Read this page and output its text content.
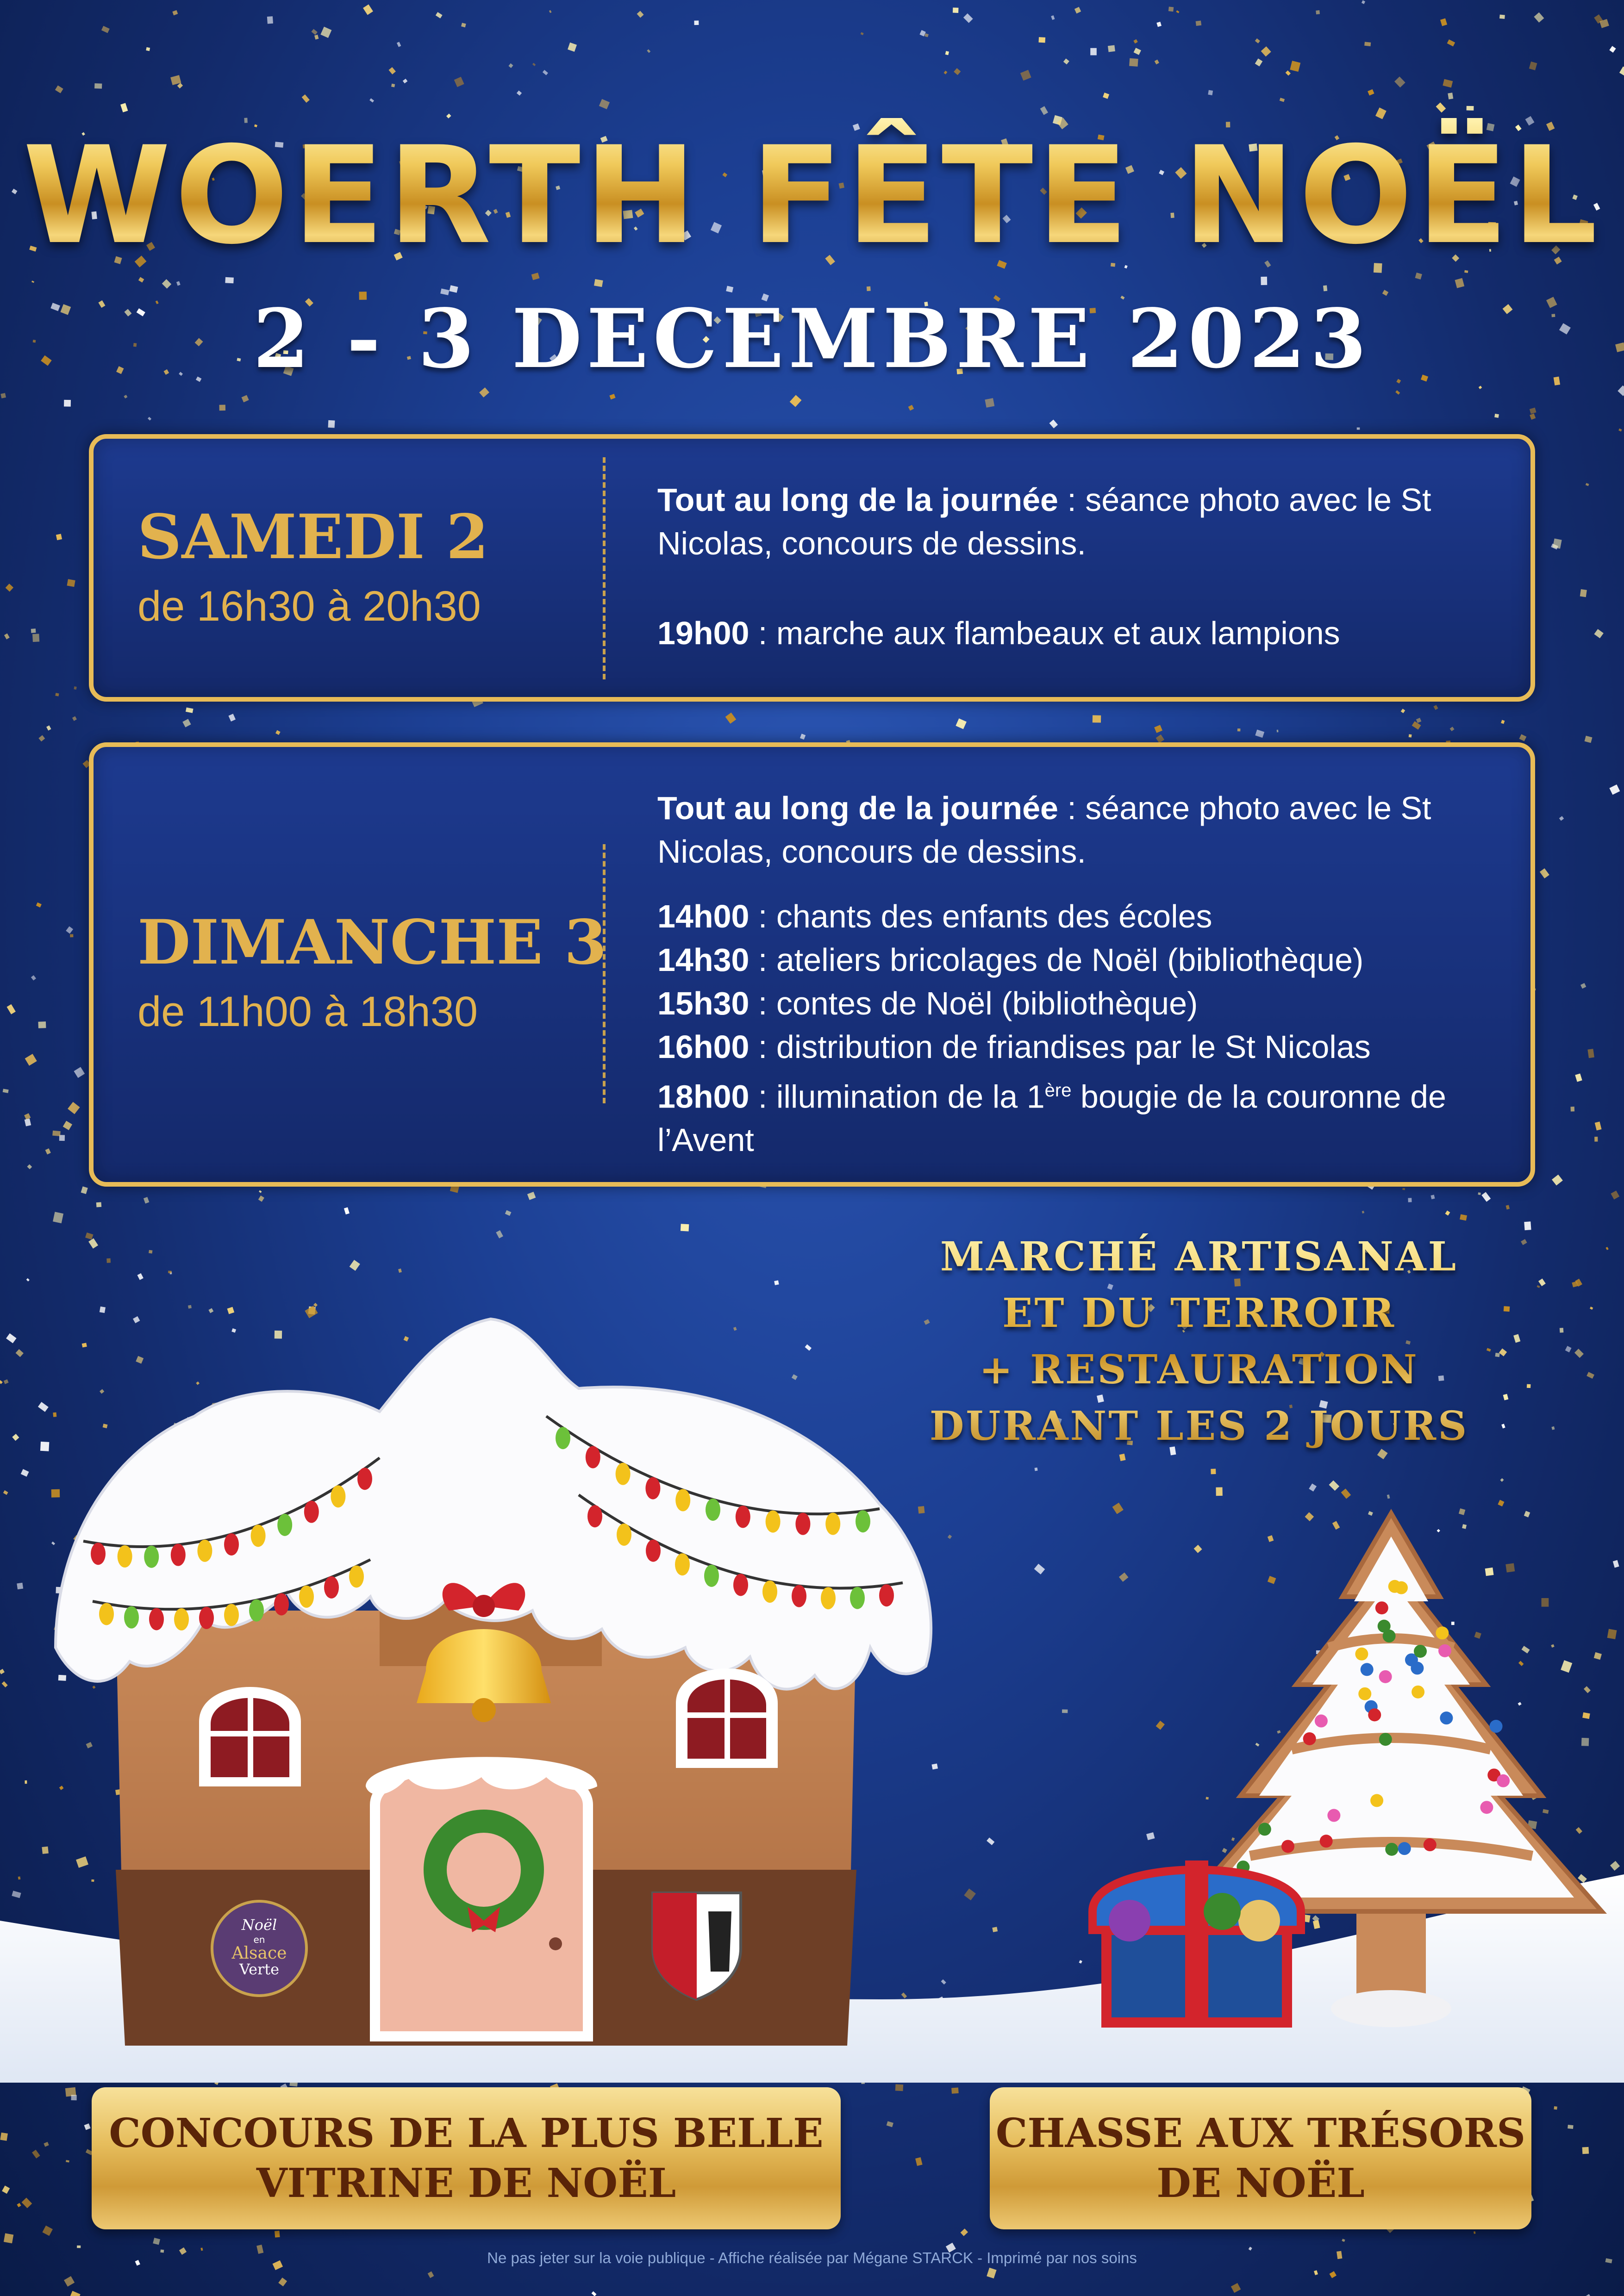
WOERTH FÊTE NOËL
2 - 3 DECEMBRE 2023
SAMEDI 2
de 16h30 à 20h30

Tout au long de la journée : séance photo avec le St Nicolas, concours de dessins.

19h00 : marche aux flambeaux et aux lampions

DIMANCHE 3
de 11h00 à 18h30

Tout au long de la journée : séance photo avec le St Nicolas, concours de dessins.

14h00 : chants des enfants des écoles

14h30 : ateliers bricolages de Noël (bibliothèque)

15h30 : contes de Noël (bibliothèque)

16h00 : distribution de friandises par le St Nicolas

18h00 : illumination de la 1ère bougie de la couronne de l’Avent

MARCHÉ ARTISANAL
ET DU TERROIR
+ RESTAURATION
DURANT LES 2 JOURS
Noël
en
Alsace
Verte
CONCOURS DE LA PLUS BELLE VITRINE DE NOËL
CHASSE AUX TRÉSORS DE NOËL
Ne pas jeter sur la voie publique - Affiche réalisée par Mégane STARCK - Imprimé par nos soins
